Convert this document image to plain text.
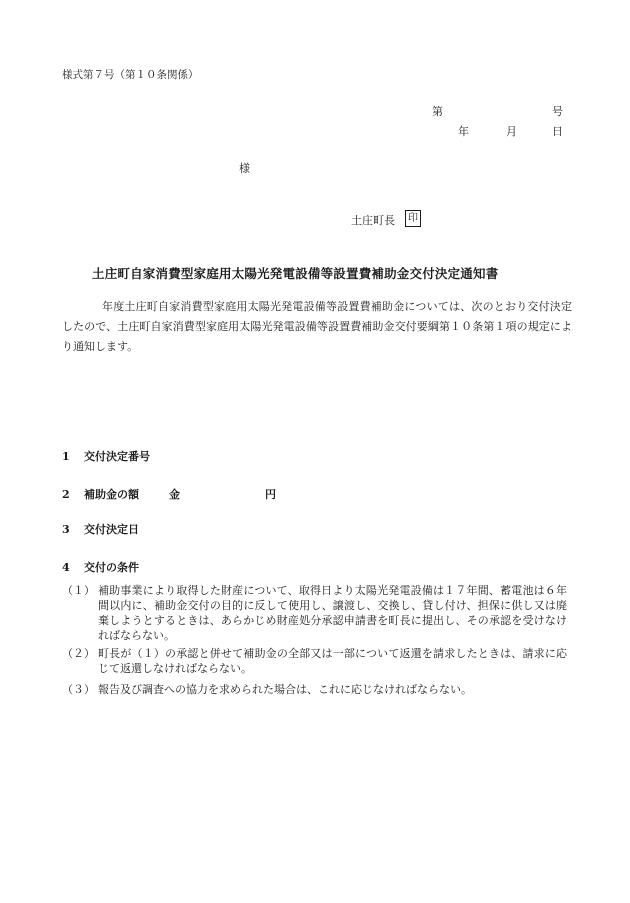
様式第７号（第１０条関係）
第	号
年	月	日
様
土庄町長	印
土庄町自家消費型家庭用太陽光発電設備等設置費補助金交付決定通知書
年度土庄町自家消費型家庭用太陽光発電設備等設置費補助金については、次のとおり交付決定したので、土庄町自家消費型家庭用太陽光発電設備等設置費補助金交付要綱第１０条第１項の規定により通知します。
1 交付決定番号
2 補助金の額	金	円
3 交付決定日
4 交付の条件
（１） 補助事業により取得した財産について、取得日より太陽光発電設備は１７年間、蓄電池は６年間以内に、補助金交付の目的に反して使用し、譲渡し、交換し、貸し付け、担保に供し又は廃棄しようとするときは、あらかじめ財産処分承認申請書を町長に提出し、その承認を受けなければならない。
（２） 町長が（１）の承認と併せて補助金の全部又は一部について返還を請求したときは、請求に応じて返還しなければならない。
（３） 報告及び調査への協力を求められた場合は、これに応じなければならない。
